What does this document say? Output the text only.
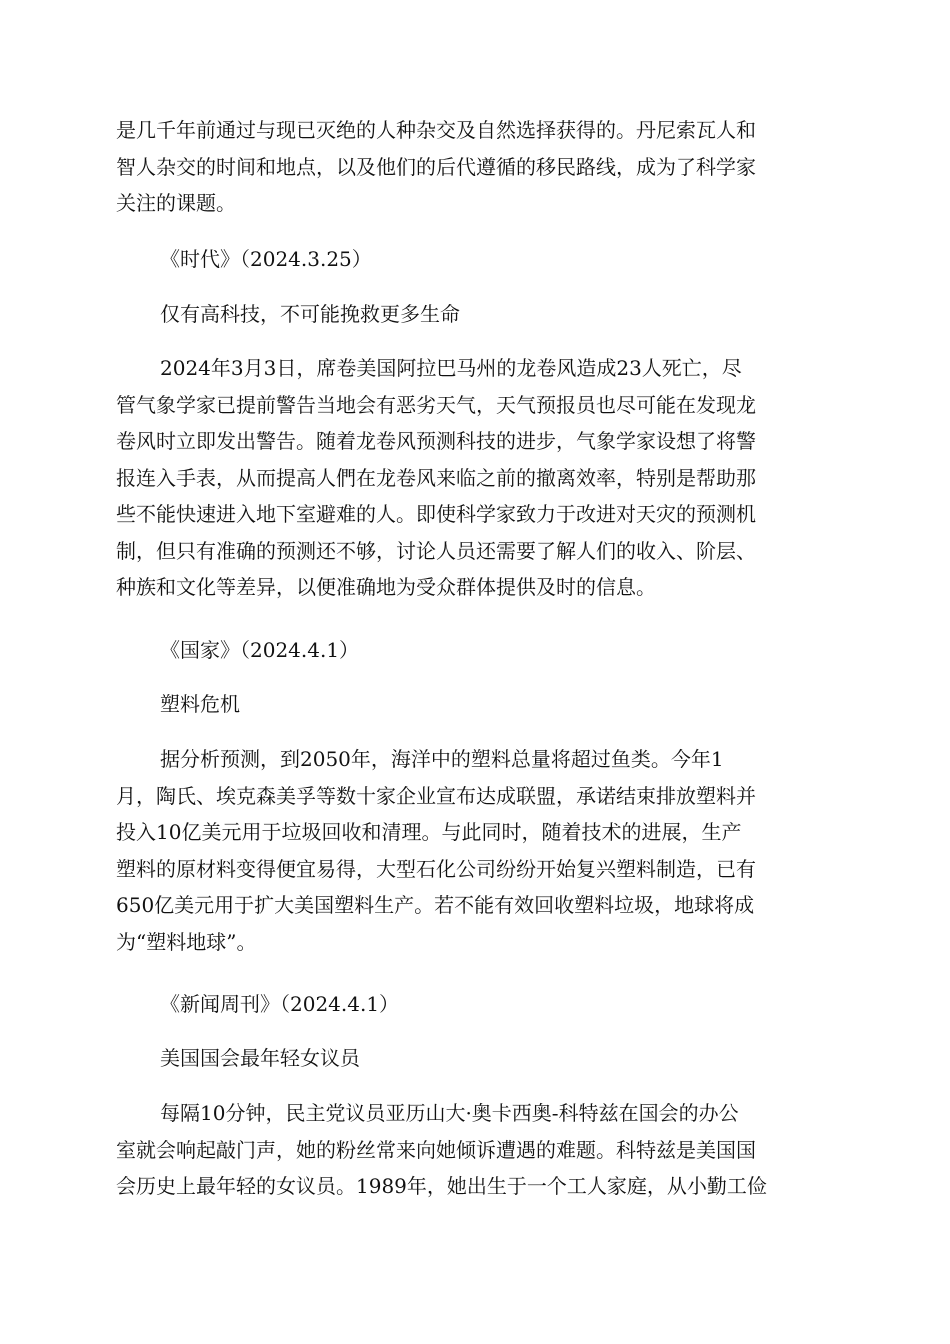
是几千年前通过与现已灭绝的人种杂交及自然选择获得的。丹尼索瓦人和
智人杂交的时间和地点，以及他们的后代遵循的移民路线，成为了科学家
关注的课题。
《时代》（2024.3.25）
仅有高科技，不可能挽救更多生命
2024年3月3日，席卷美国阿拉巴马州的龙卷风造成23人死亡，尽
管气象学家已提前警告当地会有恶劣天气，天气预报员也尽可能在发现龙
卷风时立即发出警告。随着龙卷风预测科技的进步，气象学家设想了将警
报连入手表，从而提高人們在龙卷风来临之前的撤离效率，特别是帮助那
些不能快速进入地下室避难的人。即使科学家致力于改进对天灾的预测机
制，但只有准确的预测还不够，讨论人员还需要了解人们的收入、阶层、
种族和文化等差异，以便准确地为受众群体提供及时的信息。
《国家》（2024.4.1）
塑料危机
据分析预测，到2050年，海洋中的塑料总量将超过鱼类。今年1
月，陶氏、埃克森美孚等数十家企业宣布达成联盟，承诺结束排放塑料并
投入10亿美元用于垃圾回收和清理。与此同时，随着技术的进展，生产
塑料的原材料变得便宜易得，大型石化公司纷纷开始复兴塑料制造，已有
650亿美元用于扩大美国塑料生产。若不能有效回收塑料垃圾，地球将成
为“塑料地球”。
《新闻周刊》（2024.4.1）
美国国会最年轻女议员
每隔10分钟，民主党议员亚历山大·奥卡西奥-科特兹在国会的办公
室就会响起敲门声，她的粉丝常来向她倾诉遭遇的难题。科特兹是美国国
会历史上最年轻的女议员。1989年，她出生于一个工人家庭，从小勤工俭
